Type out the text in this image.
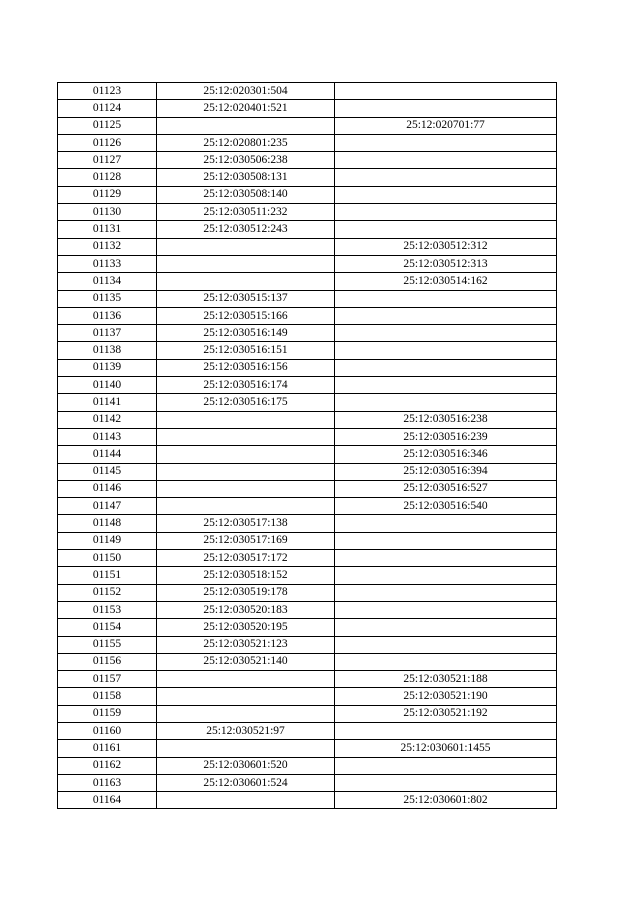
01123	25:12:020301:504	
01124	25:12:020401:521	
01125		25:12:020701:77
01126	25:12:020801:235	
01127	25:12:030506:238	
01128	25:12:030508:131	
01129	25:12:030508:140	
01130	25:12:030511:232	
01131	25:12:030512:243	
01132		25:12:030512:312
01133		25:12:030512:313
01134		25:12:030514:162
01135	25:12:030515:137	
01136	25:12:030515:166	
01137	25:12:030516:149	
01138	25:12:030516:151	
01139	25:12:030516:156	
01140	25:12:030516:174	
01141	25:12:030516:175	
01142		25:12:030516:238
01143		25:12:030516:239
01144		25:12:030516:346
01145		25:12:030516:394
01146		25:12:030516:527
01147		25:12:030516:540
01148	25:12:030517:138	
01149	25:12:030517:169	
01150	25:12:030517:172	
01151	25:12:030518:152	
01152	25:12:030519:178	
01153	25:12:030520:183	
01154	25:12:030520:195	
01155	25:12:030521:123	
01156	25:12:030521:140	
01157		25:12:030521:188
01158		25:12:030521:190
01159		25:12:030521:192
01160	25:12:030521:97	
01161		25:12:030601:1455
01162	25:12:030601:520	
01163	25:12:030601:524	
01164		25:12:030601:802
